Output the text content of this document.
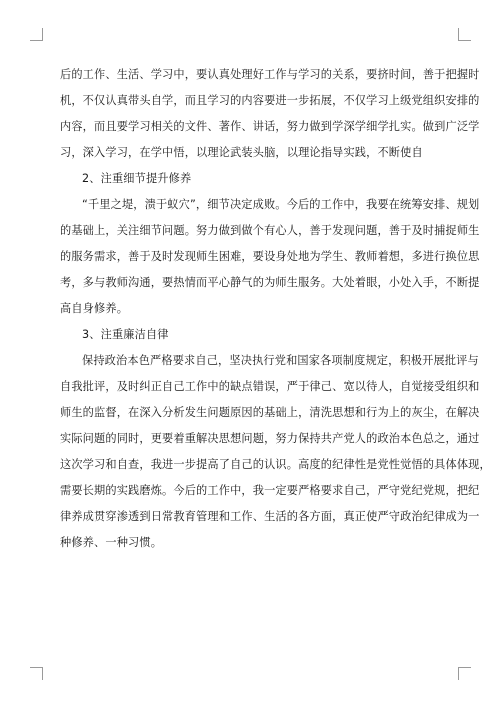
后的工作、生活、学习中，要认真处理好工作与学习的关系，要挤时间，善于把握时
机，不仅认真带头自学，而且学习的内容要进一步拓展，不仅学习上级党组织安排的
内容，而且要学习相关的文件、著作、讲话，努力做到学深学细学扎实。做到广泛学
习，深入学习，在学中悟，以理论武装头脑，以理论指导实践，不断使自
2、注重细节提升修养
“千里之堤，溃于蚁穴”，细节决定成败。今后的工作中，我要在统筹安排、规划
的基础上，关注细节问题。努力做到做个有心人，善于发现问题，善于及时捕捉师生
的服务需求，善于及时发现师生困难，要设身处地为学生、教师着想，多进行换位思
考，多与教师沟通，要热情而平心静气的为师生服务。大处着眼，小处入手，不断提
高自身修养。
3、注重廉洁自律
保持政治本色严格要求自己，坚决执行党和国家各项制度规定，积极开展批评与
自我批评，及时纠正自己工作中的缺点错误，严于律己、宽以待人，自觉接受组织和
师生的监督，在深入分析发生问题原因的基础上，清洗思想和行为上的灰尘，在解决
实际问题的同时，更要着重解决思想问题，努力保持共产党人的政治本色总之，通过
这次学习和自查，我进一步提高了自己的认识。高度的纪律性是党性觉悟的具体体现，
需要长期的实践磨炼。今后的工作中，我一定要严格要求自己，严守党纪党规，把纪
律养成贯穿渗透到日常教育管理和工作、生活的各方面，真正使严守政治纪律成为一
种修养、一种习惯。
